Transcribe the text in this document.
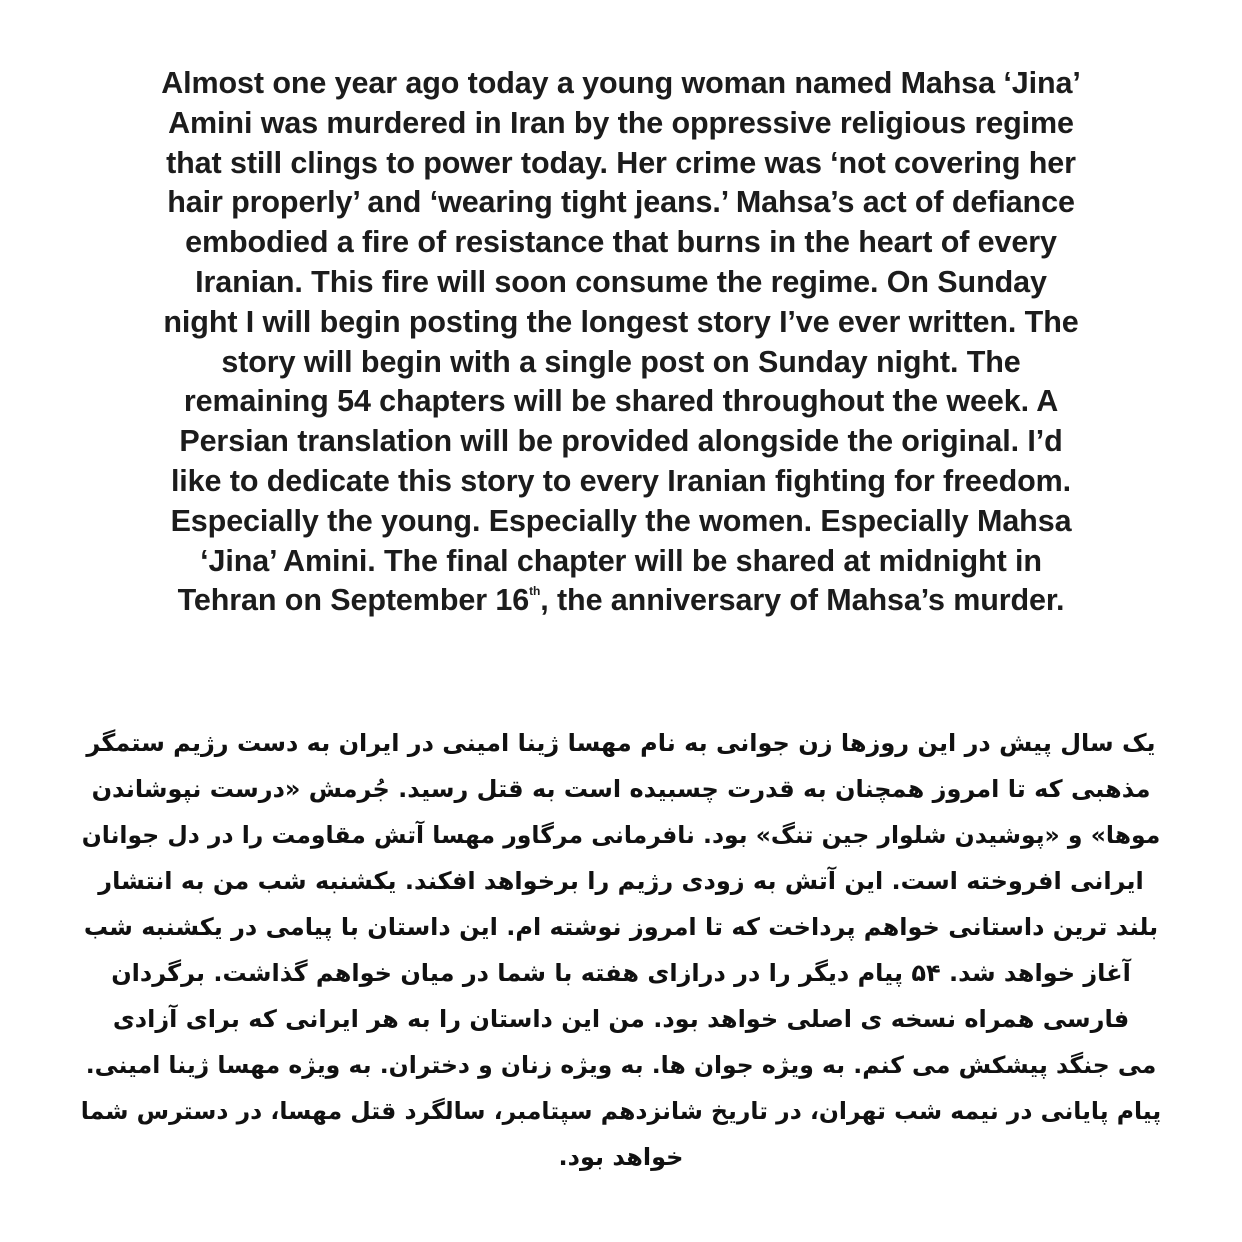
Almost one year ago today a young woman named Mahsa ‘Jina’
Amini was murdered in Iran by the oppressive religious regime
that still clings to power today. Her crime was ‘not covering her
hair properly’ and ‘wearing tight jeans.’ Mahsa’s act of defiance
embodied a fire of resistance that burns in the heart of every
Iranian. This fire will soon consume the regime. On Sunday
night I will begin posting the longest story I’ve ever written. The
story will begin with a single post on Sunday night. The
remaining 54 chapters will be shared throughout the week. A
Persian translation will be provided alongside the original. I’d
like to dedicate this story to every Iranian fighting for freedom.
Especially the young. Especially the women. Especially Mahsa
‘Jina’ Amini. The final chapter will be shared at midnight in
Tehran on September 16th, the anniversary of Mahsa’s murder.
یک سال پیش در این روزها زن جوانی به نام مهسا ژینا امینی در ایران به دست رژیم ستمگر
مذهبی که تا امروز همچنان به قدرت چسبیده است به قتل رسید. جُرمش «درست نپوشاندن
موها» و «پوشیدن شلوار جین تنگ» بود. نافرمانی مرگاور مهسا آتش مقاومت را در دل جوانان
ایرانی افروخته است. این آتش به زودی رژیم را برخواهد افکند. یکشنبه شب من به انتشار
بلند ترین داستانی خواهم پرداخت که تا امروز نوشته ام. این داستان با پیامی در یکشنبه شب
آغاز خواهد شد. ۵۴ پیام دیگر را در درازای هفته با شما در میان خواهم گذاشت. برگردان
فارسی همراه نسخه ی اصلی خواهد بود. من این داستان را به هر ایرانی که برای آزادی
می جنگد پیشکش می کنم. به ویژه جوان ها. به ویژه زنان و دختران. به ویژه مهسا ژینا امینی.
پیام پایانی در نیمه شب تهران، در تاریخ شانزدهم سپتامبر، سالگرد قتل مهسا، در دسترس شما
خواهد بود.
